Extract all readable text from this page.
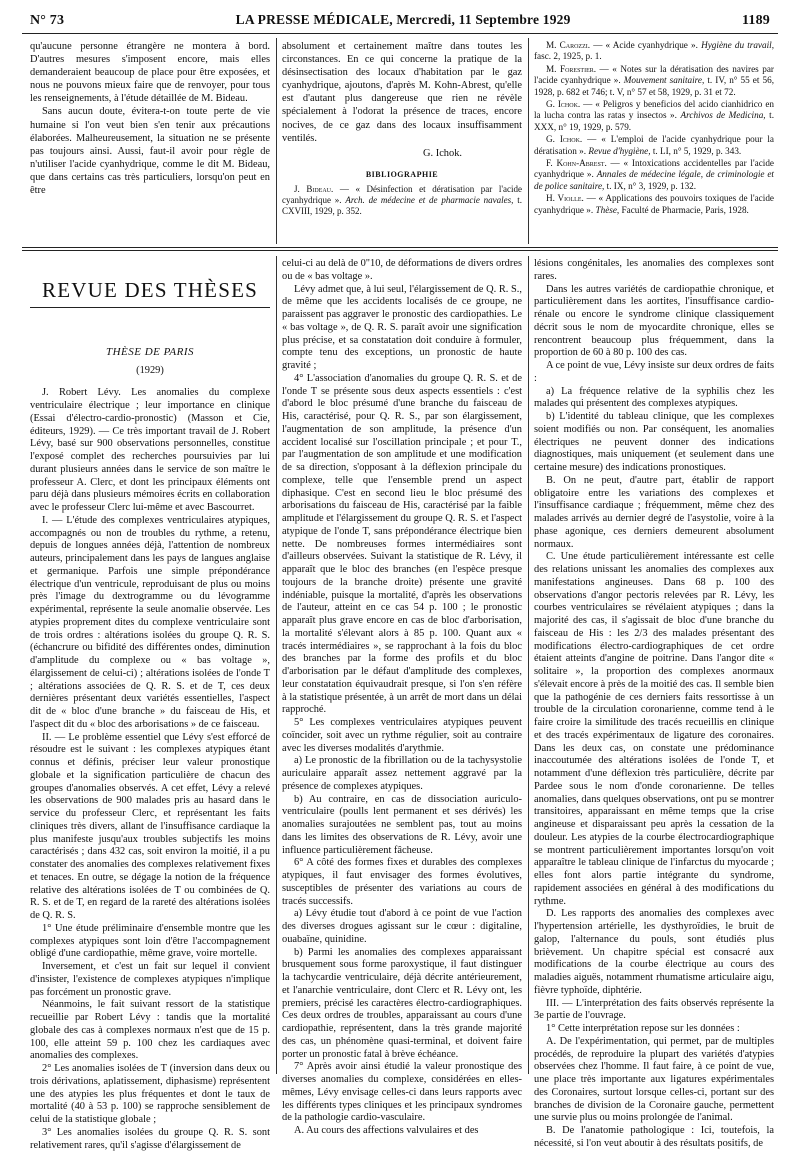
N° 73	LA PRESSE MÉDICALE, Mercredi, 11 Septembre 1929	1189

qu'aucune personne étrangère ne montera à bord. D'autres mesures s'imposent encore, mais elles demanderaient beaucoup de place pour être exposées, et nous ne pouvons mieux faire que de renvoyer, pour tous les renseignements, à l'étude détaillée de M. Bideau.

Sans aucun doute, évitera-t-on toute perte de vie humaine si l'on veut bien s'en tenir aux précautions élaborées. Malheureusement, la situation ne se présente pas toujours ainsi. Aussi, faut-il avoir pour règle de n'utiliser l'acide cyanhydrique, comme le dit M. Bideau, que dans certains cas très particuliers, lorsqu'on peut en être

absolument et certainement maître dans toutes les circonstances. En ce qui concerne la pratique de la désinsectisation des locaux d'habitation par le gaz cyanhydrique, ajoutons, d'après M. Kohn-Abrest, qu'elle est d'autant plus dangereuse que rien ne révèle spécialement à l'odorat la présence de traces, encore nocives, de ce gaz dans des locaux insuffisamment ventilés.

G. Ichok.
BIBLIOGRAPHIE
J. Bideau. — « Désinfection et dératisation par l'acide cyanhydrique ». Arch. de médecine et de pharmacie navales, t. CXVIII, 1929, p. 352.
M. Carozzi. — « Acide cyanhydrique ». Hygiène du travail, fasc. 2, 1925, p. 1.
M. Forestier. — « Notes sur la dératisation des navires par l'acide cyanhydrique ». Mouvement sanitaire, t. IV, n° 55 et 56, 1928, p. 682 et 746; t. V, n° 57 et 58, 1929, p. 31 et 72.
G. Ichok. — « Peligros y beneficios del acido cianhidrico en la lucha contra las ratas y insectos ». Archivos de Medicina, t. XXX, n° 19, 1929, p. 579.
G. Ichok. — « L'emploi de l'acide cyanhydrique pour la dératisation ». Revue d'hygiène, t. LI, n° 5, 1929, p. 343.
F. Kohn-Abrest. — « Intoxications accidentelles par l'acide cyanhydrique ». Annales de médecine légale, de criminologie et de police sanitaire, t. IX, n° 3, 1929, p. 132.
H. Violle. — « Applications des pouvoirs toxiques de l'acide cyanhydrique ». Thèse, Faculté de Pharmacie, Paris, 1928.
REVUE DES THÈSES
THÈSE DE PARIS
(1929)

J. Robert Lévy. Les anomalies du complexe ventriculaire électrique ; leur importance en clinique (Essai d'électro-cardio-pronostic) (Masson et Cie, éditeurs, 1929). — Ce très important travail de J. Robert Lévy, basé sur 900 observations personnelles, constitue l'exposé complet des recherches poursuivies par lui durant plusieurs années dans le service de son maître le professeur A. Clerc, et dont les principaux éléments ont paru déjà dans plusieurs mémoires écrits en collaboration avec le professeur Clerc lui-même et avec Bascourret.

I. — L'étude des complexes ventriculaires atypiques, accompagnés ou non de troubles du rythme, a retenu, depuis de longues années déjà, l'attention de nombreux auteurs, principalement dans les pays de langues anglaise et germanique. Parfois une simple prépondérance électrique d'un ventricule, reproduisant de plus ou moins près l'image du dextrogramme ou du lévogramme expérimental, représente la seule anomalie observée. Les atypies proprement dites du complexe ventriculaire sont de trois ordres : altérations isolées du groupe Q. R. S. (échancrure ou bifidité des différentes ondes, diminution d'amplitude du complexe ou « bas voltage », élargissement de celui-ci) ; altérations isolées de l'onde T ; altérations associées de Q. R. S. et de T, ces deux dernières présentant deux variétés essentielles, l'aspect dit de « bloc d'une branche » du faisceau de His, et l'aspect dit du « bloc des arborisations » de ce faisceau.

II. — Le problème essentiel que Lévy s'est efforcé de résoudre est le suivant : les complexes atypiques étant connus et définis, préciser leur valeur pronostique globale et la signification particulière de chacun des groupes d'anomalies observés. A cet effet, Lévy a relevé les observations de 900 malades pris au hasard dans le service du professeur Clerc, et représentant les faits cliniques très divers, allant de l'insuffisance cardiaque la plus manifeste jusqu'aux troubles subjectifs les moins caractérisés ; dans 432 cas, soit environ la moitié, il a pu constater des anomalies des complexes relativement fixes et tenaces. En outre, se dégage la notion de la fréquence relative des altérations isolées de T ou combinées de Q. R. S. et de T, en regard de la rareté des altérations isolées de Q. R. S.

1° Une étude préliminaire d'ensemble montre que les complexes atypiques sont loin d'être l'accompagnement obligé d'une cardiopathie, même grave, voire mortelle.

Inversement, et c'est un fait sur lequel il convient d'insister, l'existence de complexes atypiques n'implique pas forcément un pronostic grave.

Néanmoins, le fait suivant ressort de la statistique recueillie par Robert Lévy : tandis que la mortalité globale des cas à complexes normaux n'est que de 15 p. 100, elle atteint 59 p. 100 chez les cardiaques avec anomalies des complexes.

2° Les anomalies isolées de T (inversion dans deux ou trois dérivations, aplatissement, diphasisme) représentent une des atypies les plus fréquentes et dont le taux de mortalité (40 à 53 p. 100) se rapproche sensiblement de celui de la statistique globale ;

3° Les anomalies isolées du groupe Q. R. S. sont relativement rares, qu'il s'agisse d'élargissement de

celui-ci au delà de 0"10, de déformations de divers ordres ou de « bas voltage ».

Lévy admet que, à lui seul, l'élargissement de Q. R. S., de même que les accidents localisés de ce groupe, ne paraissent pas aggraver le pronostic des cardiopathies. Le « bas voltage », de Q. R. S. paraît avoir une signification plus précise, et sa constatation doit conduire à formuler, compte tenu des exceptions, un pronostic de haute gravité ;

4° L'association d'anomalies du groupe Q. R. S. et de l'onde T se présente sous deux aspects essentiels : c'est d'abord le bloc présumé d'une branche du faisceau de His, caractérisé, pour Q. R. S., par son élargissement, l'augmentation de son amplitude, la présence d'un accident localisé sur l'oscillation principale ; et pour T., par l'augmentation de son amplitude et une modification de sa direction, s'opposant à la déflexion principale du complexe, telle que l'ensemble prend un aspect diphasique. C'est en second lieu le bloc présumé des arborisations du faisceau de His, caractérisé par la faible amplitude et l'élargissement du groupe Q. R. S. et l'aspect atypique de l'onde T, sans prépondérance électrique bien nette. De nombreuses formes intermédiaires sont d'ailleurs observées. Suivant la statistique de R. Lévy, il apparaît que le bloc des branches (en l'espèce presque toujours de la branche droite) présente une gravité indéniable, puisque la mortalité, d'après les observations de l'auteur, atteint en ce cas 54 p. 100 ; le pronostic apparaît plus grave encore en cas de bloc d'arborisation, la mortalité s'élevant alors à 85 p. 100. Quant aux « tracés intermédiaires », se rapprochant à la fois du bloc des branches par la forme des profils et du bloc d'arborisation par le défaut d'amplitude des complexes, leur constatation équivaudrait presque, si l'on s'en réfère à la statistique présentée, à un arrêt de mort dans un délai rapproché.

5° Les complexes ventriculaires atypiques peuvent coïncider, soit avec un rythme régulier, soit au contraire avec les diverses modalités d'arythmie.

a) Le pronostic de la fibrillation ou de la tachysystolie auriculaire apparaît assez nettement aggravé par la présence de complexes atypiques.

b) Au contraire, en cas de dissociation auriculo-ventriculaire (poulls lent permanent et ses dérivés) les anomalies surajoutées ne semblent pas, tout au moins dans les limites des observations de R. Lévy, avoir une influence particulièrement fâcheuse.

6° A côté des formes fixes et durables des complexes atypiques, il faut envisager des formes évolutives, susceptibles de présenter des variations au cours de tracés successifs.

a) Lévy étudie tout d'abord à ce point de vue l'action des diverses drogues agissant sur le cœur : digitaline, ouabaïne, quinidine.

b) Parmi les anomalies des complexes apparaissant brusquement sous forme paroxystique, il faut distinguer la tachycardie ventriculaire, déjà décrite antérieurement, et l'anarchie ventriculaire, dont Clerc et R. Lévy ont, les premiers, précisé les caractères électro-cardiographiques. Ces deux ordres de troubles, apparaissant au cours d'une cardiopathie, représentent, dans la très grande majorité des cas, un phénomène quasi-terminal, et doivent faire porter un pronostic fatal à brève échéance.

7° Après avoir ainsi étudié la valeur pronostique des diverses anomalies du complexe, considérées en elles-mêmes, Lévy envisage celles-ci dans leurs rapports avec les différents types cliniques et les principaux syndromes de la pathologie cardio-vasculaire.

A. Au cours des affections valvulaires et des

lésions congénitales, les anomalies des complexes sont rares.

Dans les autres variétés de cardiopathie chronique, et particulièrement dans les aortites, l'insuffisance cardio-rénale ou encore le syndrome clinique classiquement décrit sous le nom de myocardite chronique, elles se rencontrent beaucoup plus fréquemment, dans la proportion de 60 à 80 p. 100 des cas.

A ce point de vue, Lévy insiste sur deux ordres de faits :

a) La fréquence relative de la syphilis chez les malades qui présentent des complexes atypiques.

b) L'identité du tableau clinique, que les complexes soient modifiés ou non. Par conséquent, les anomalies électriques ne peuvent donner des indications diagnostiques, mais uniquement (et seulement dans une certaine mesure) des indications pronostiques.

B. On ne peut, d'autre part, établir de rapport obligatoire entre les variations des complexes et l'insuffisance cardiaque ; fréquemment, même chez des malades arrivés au dernier degré de l'asystolie, voire à la phase agonique, ces derniers demeurent absolument normaux.

C. Une étude particulièrement intéressante est celle des relations unissant les anomalies des complexes aux manifestations angineuses. Dans 68 p. 100 des observations d'angor pectoris relevées par R. Lévy, les courbes ventriculaires se révélaient atypiques ; dans la majorité des cas, il s'agissait de bloc d'une branche du faisceau de His : les 2/3 des malades présentant des modifications électro-cardiographiques de cet ordre étaient atteints d'angine de poitrine. Dans l'angor dite « solitaire », la proportion des complexes anormaux s'élevait encore à près de la moitié des cas. Il semble bien que la pathogénie de ces derniers faits ressortisse à un trouble de la circulation coronarienne, comme tend à le faire croire la similitude des tracés recueillis en clinique et des tracés expérimentaux de ligature des coronaires. Dans les deux cas, on constate une prédominance inaccoutumée des altérations isolées de l'onde T, et notamment d'une déflexion très particulière, décrite par Pardee sous le nom d'onde coronarienne. De telles anomalies, dans quelques observations, ont pu se montrer transitoires, apparaissant en même temps que la crise angineuse et disparaissant peu après la cessation de la douleur. Les atypies de la courbe électrocardiographique se montrent particulièrement importantes lorsqu'on voit apparaître le tableau clinique de l'infarctus du myocarde ; elles font alors partie intégrante du syndrome, rapidement associées en général à des modifications du rythme.

D. Les rapports des anomalies des complexes avec l'hypertension artérielle, les dysthyroïdies, le bruit de galop, l'alternance du pouls, sont étudiés plus brièvement. Un chapitre spécial est consacré aux modifications de la courbe électrique au cours des maladies aiguës, notamment rhumatisme articulaire aigu, fièvre typhoïde, diphtérie.

III. — L'interprétation des faits observés représente la 3e partie de l'ouvrage.

1° Cette interprétation repose sur les données :

A. De l'expérimentation, qui permet, par de multiples procédés, de reproduire la plupart des variétés d'atypies observées chez l'homme. Il faut faire, à ce point de vue, une place très importante aux ligatures expérimentales des Coronaires, surtout lorsque celles-ci, portant sur des branches de division de la Coronaire gauche, permettent une survie plus ou moins prolongée de l'animal.

B. De l'anatomie pathologique : Ici, toutefois, la nécessité, si l'on veut aboutir à des résultats positifs, de
